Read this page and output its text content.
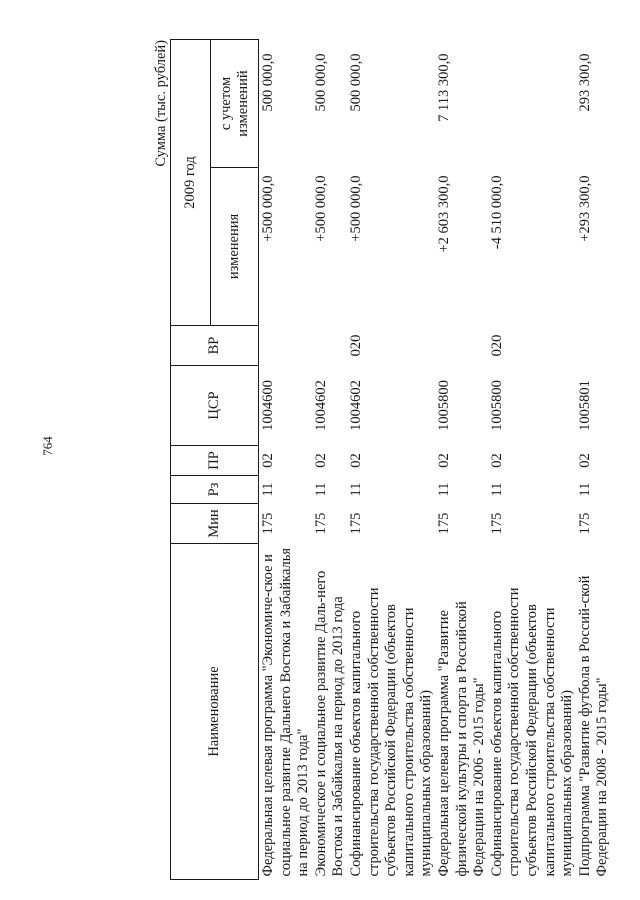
764
Сумма (тыс. рублей)
Наименование	Мин	Рз	ПР	ЦСР	ВР	2009 год	
						изменения	с учетом изменений
Федеральная целевая программа "Экономиче-ское и социальное развитие Дальнего Востока и Забайкалья на период до 2013 года"	175	11	02	1004600		+500 000,0	500 000,0
Экономическое и социальное развитие Даль-него Востока и Забайкалья на период до 2013 года	175	11	02	1004602		+500 000,0	500 000,0
Софинансирование объектов капитального строительства государственной собственности субъектов Российской Федерации (объектов капитального строительства собственности муниципальных образований)	175	11	02	1004602	020	+500 000,0	500 000,0
Федеральная целевая программа "Развитие физической культуры и спорта в Российской Федерации на 2006 - 2015 годы"	175	11	02	1005800		+2 603 300,0	7 113 300,0
Софинансирование объектов капитального строительства государственной собственности субъектов Российской Федерации (объектов капитального строительства собственности муниципальных образований)	175	11	02	1005800	020	-4 510 000,0	
Подпрограмма "Развитие футбола в Россий-ской Федерации на 2008 - 2015 годы"	175	11	02	1005801		+293 300,0	293 300,0
